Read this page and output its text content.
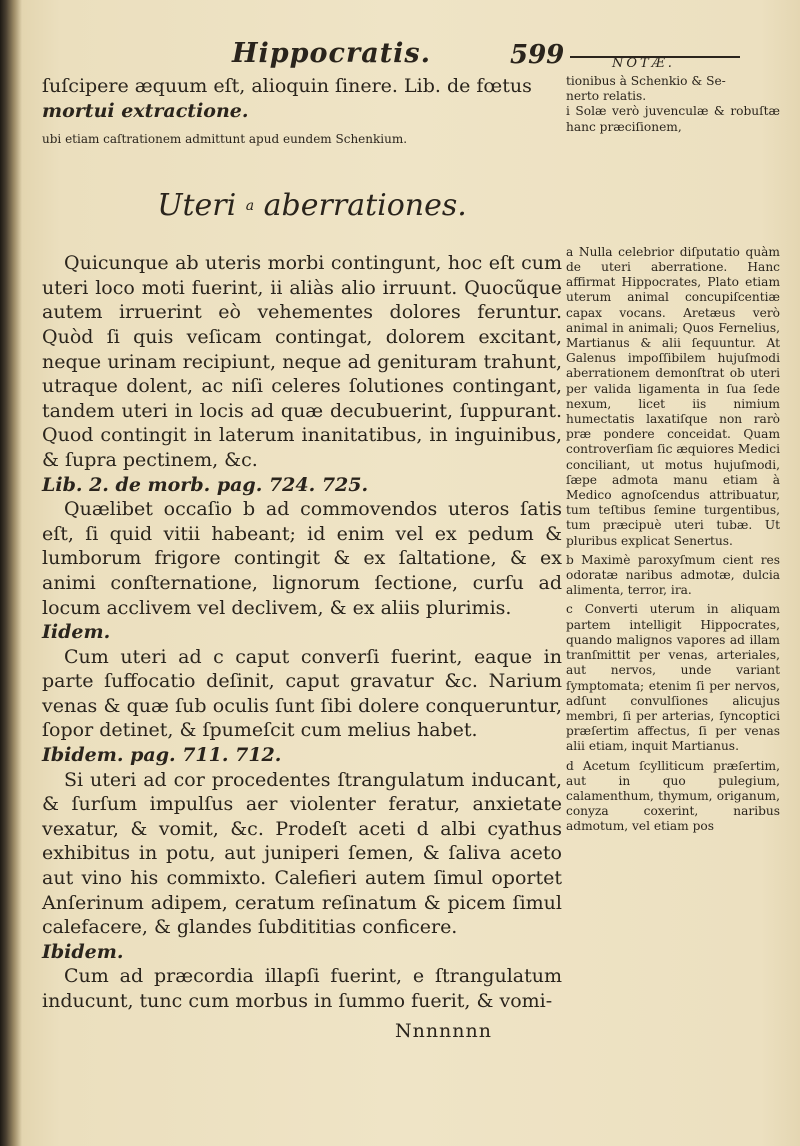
Hippocratis.	599	NOTÆ.

ſuſcipere æquum eſt, alioquin ſinere. Lib. de fœtus

mortui extractione.

ubi etiam caſtrationem admittunt apud eundem Schenkium.

Uteri $^a$ aberrationes.

Quicunque ab uteris morbi contingunt, hoc eſt cum uteri loco moti fuerint, ii aliàs alio irruunt. Quocũque autem irruerint eò vehementes dolores feruntur. Quòd ſi quis veſicam contingat, dolorem excitant, neque urinam recipiunt, neque ad genituram trahunt, utraque dolent, ac niſi celeres ſolutiones contingant, tandem uteri in locis ad quæ decubuerint, ſuppurant. Quod contingit in laterum inanitatibus, in inguinibus, & ſupra pectinem, &c.

Lib. 2. de morb. pag. 724. 725.

Quælibet occaſio b ad commovendos uteros ſatis eſt, ſi quid vitii habeant; id enim vel ex pedum & lumborum frigore contingit & ex ſaltatione, & ex animi conſternatione, lignorum ſectione, curſu ad locum acclivem vel declivem, & ex aliis plurimis.

Iidem.

Cum uteri ad c caput converſi fuerint, eaque in parte ſuffocatio deſinit, caput gravatur &c. Narium venas & quæ ſub oculis ſunt ſibi dolere conqueruntur, ſopor detinet, & ſpumeſcit cum melius habet.

Ibidem. pag. 711. 712.

Si uteri ad cor procedentes ſtrangulatum inducant, & ſurſum impulſus aer violenter feratur, anxietate vexatur, & vomit, &c. Prodeſt aceti d albi cyathus exhibitus in potu, aut juniperi ſemen, & ſaliva aceto aut vino his commixto. Calefieri autem ſimul oportet Anſerinum adipem, ceratum reſinatum & picem ſimul calefacere, & glandes ſubdititias conficere.

Ibidem.

Cum ad præcordia illapſi fuerint, e ſtrangulatum inducunt, tunc cum morbus in ſummo fuerit, & vomi-

Nnnnnnn

tionibus à Schenkio & Se-

nerto relatis.

i Solæ verò juvenculæ & robuſtæ hanc præciſionem,

a Nulla celebrior diſputatio quàm de uteri aberratione. Hanc affirmat Hippocrates, Plato etiam uterum animal concupiſcentiæ capax vocans. Aretæus verò animal in animali; Quos Fernelius, Martianus & alii ſequuntur. At Galenus impoſſibilem hujuſmodi aberrationem demonſtrat ob uteri per valida ligamenta in ſua ſede nexum, licet iis nimium humectatis laxatiſque non rarò præ pondere conceidat. Quam controverſiam ſic æquiores Medici conciliant, ut motus hujuſmodi, ſæpe admota manu etiam à Medico agnoſcendus attribuatur, tum teſtibus ſemine turgentibus, tum præcipuè uteri tubæ. Ut pluribus explicat Senertus.

b Maximè paroxyſmum cient res odoratæ naribus admotæ, dulcia alimenta, terror, ira.

c Converti uterum in aliquam partem intelligit Hippocrates, quando malignos vapores ad illam tranſmittit per venas, arteriales, aut nervos, unde variant ſymptomata; etenim ſi per nervos, adſunt convulſiones alicujus membri, ſi per arterias, ſyncoptici præſertim affectus, ſi per venas alii etiam, inquit Martianus.

d Acetum ſcylliticum præſertim, aut in quo pulegium, calamenthum, thymum, origanum, conyza coxerint, naribus admotum, vel etiam pos
